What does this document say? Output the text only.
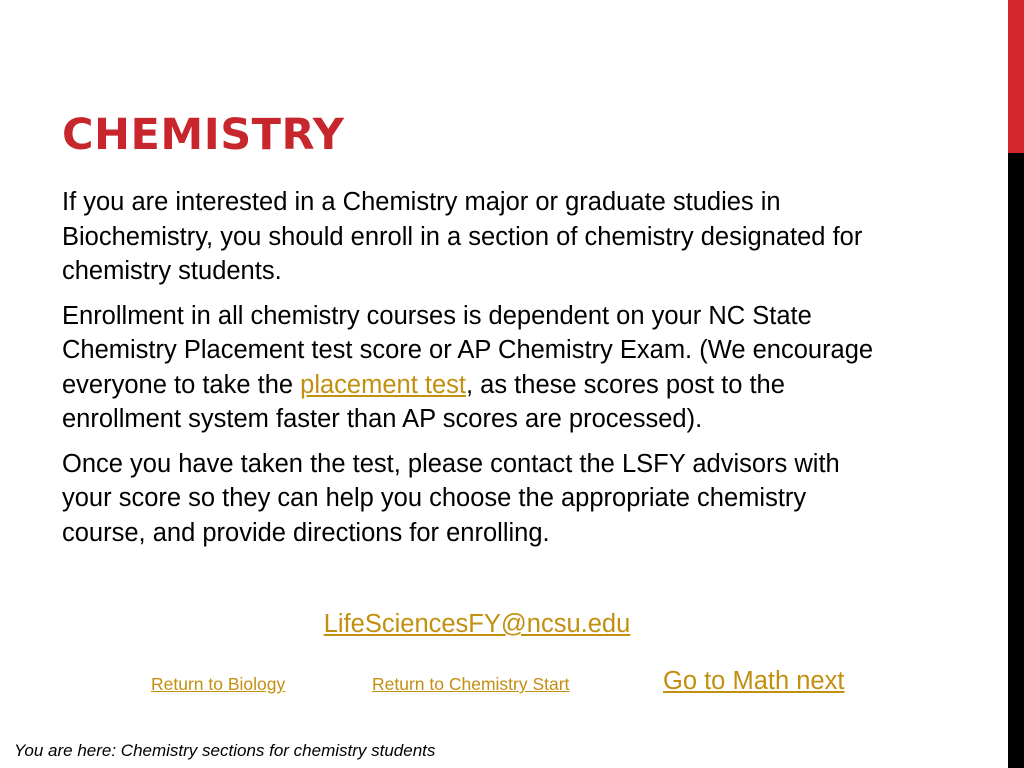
CHEMISTRY

If you are interested in a Chemistry major or graduate studies in Biochemistry, you should enroll in a section of chemistry designated for chemistry students.

Enrollment in all chemistry courses is dependent on your NC State Chemistry Placement test score or AP Chemistry Exam. (We encourage everyone to take the placement test, as these scores post to the enrollment system faster than AP scores are processed).

Once you have taken the test, please contact the LSFY advisors with your score so they can help you choose the appropriate chemistry course, and provide directions for enrolling.

LifeSciencesFY@ncsu.edu
Return to Biology	Return to Chemistry Start	Go to Math next
You are here: Chemistry sections for chemistry students
